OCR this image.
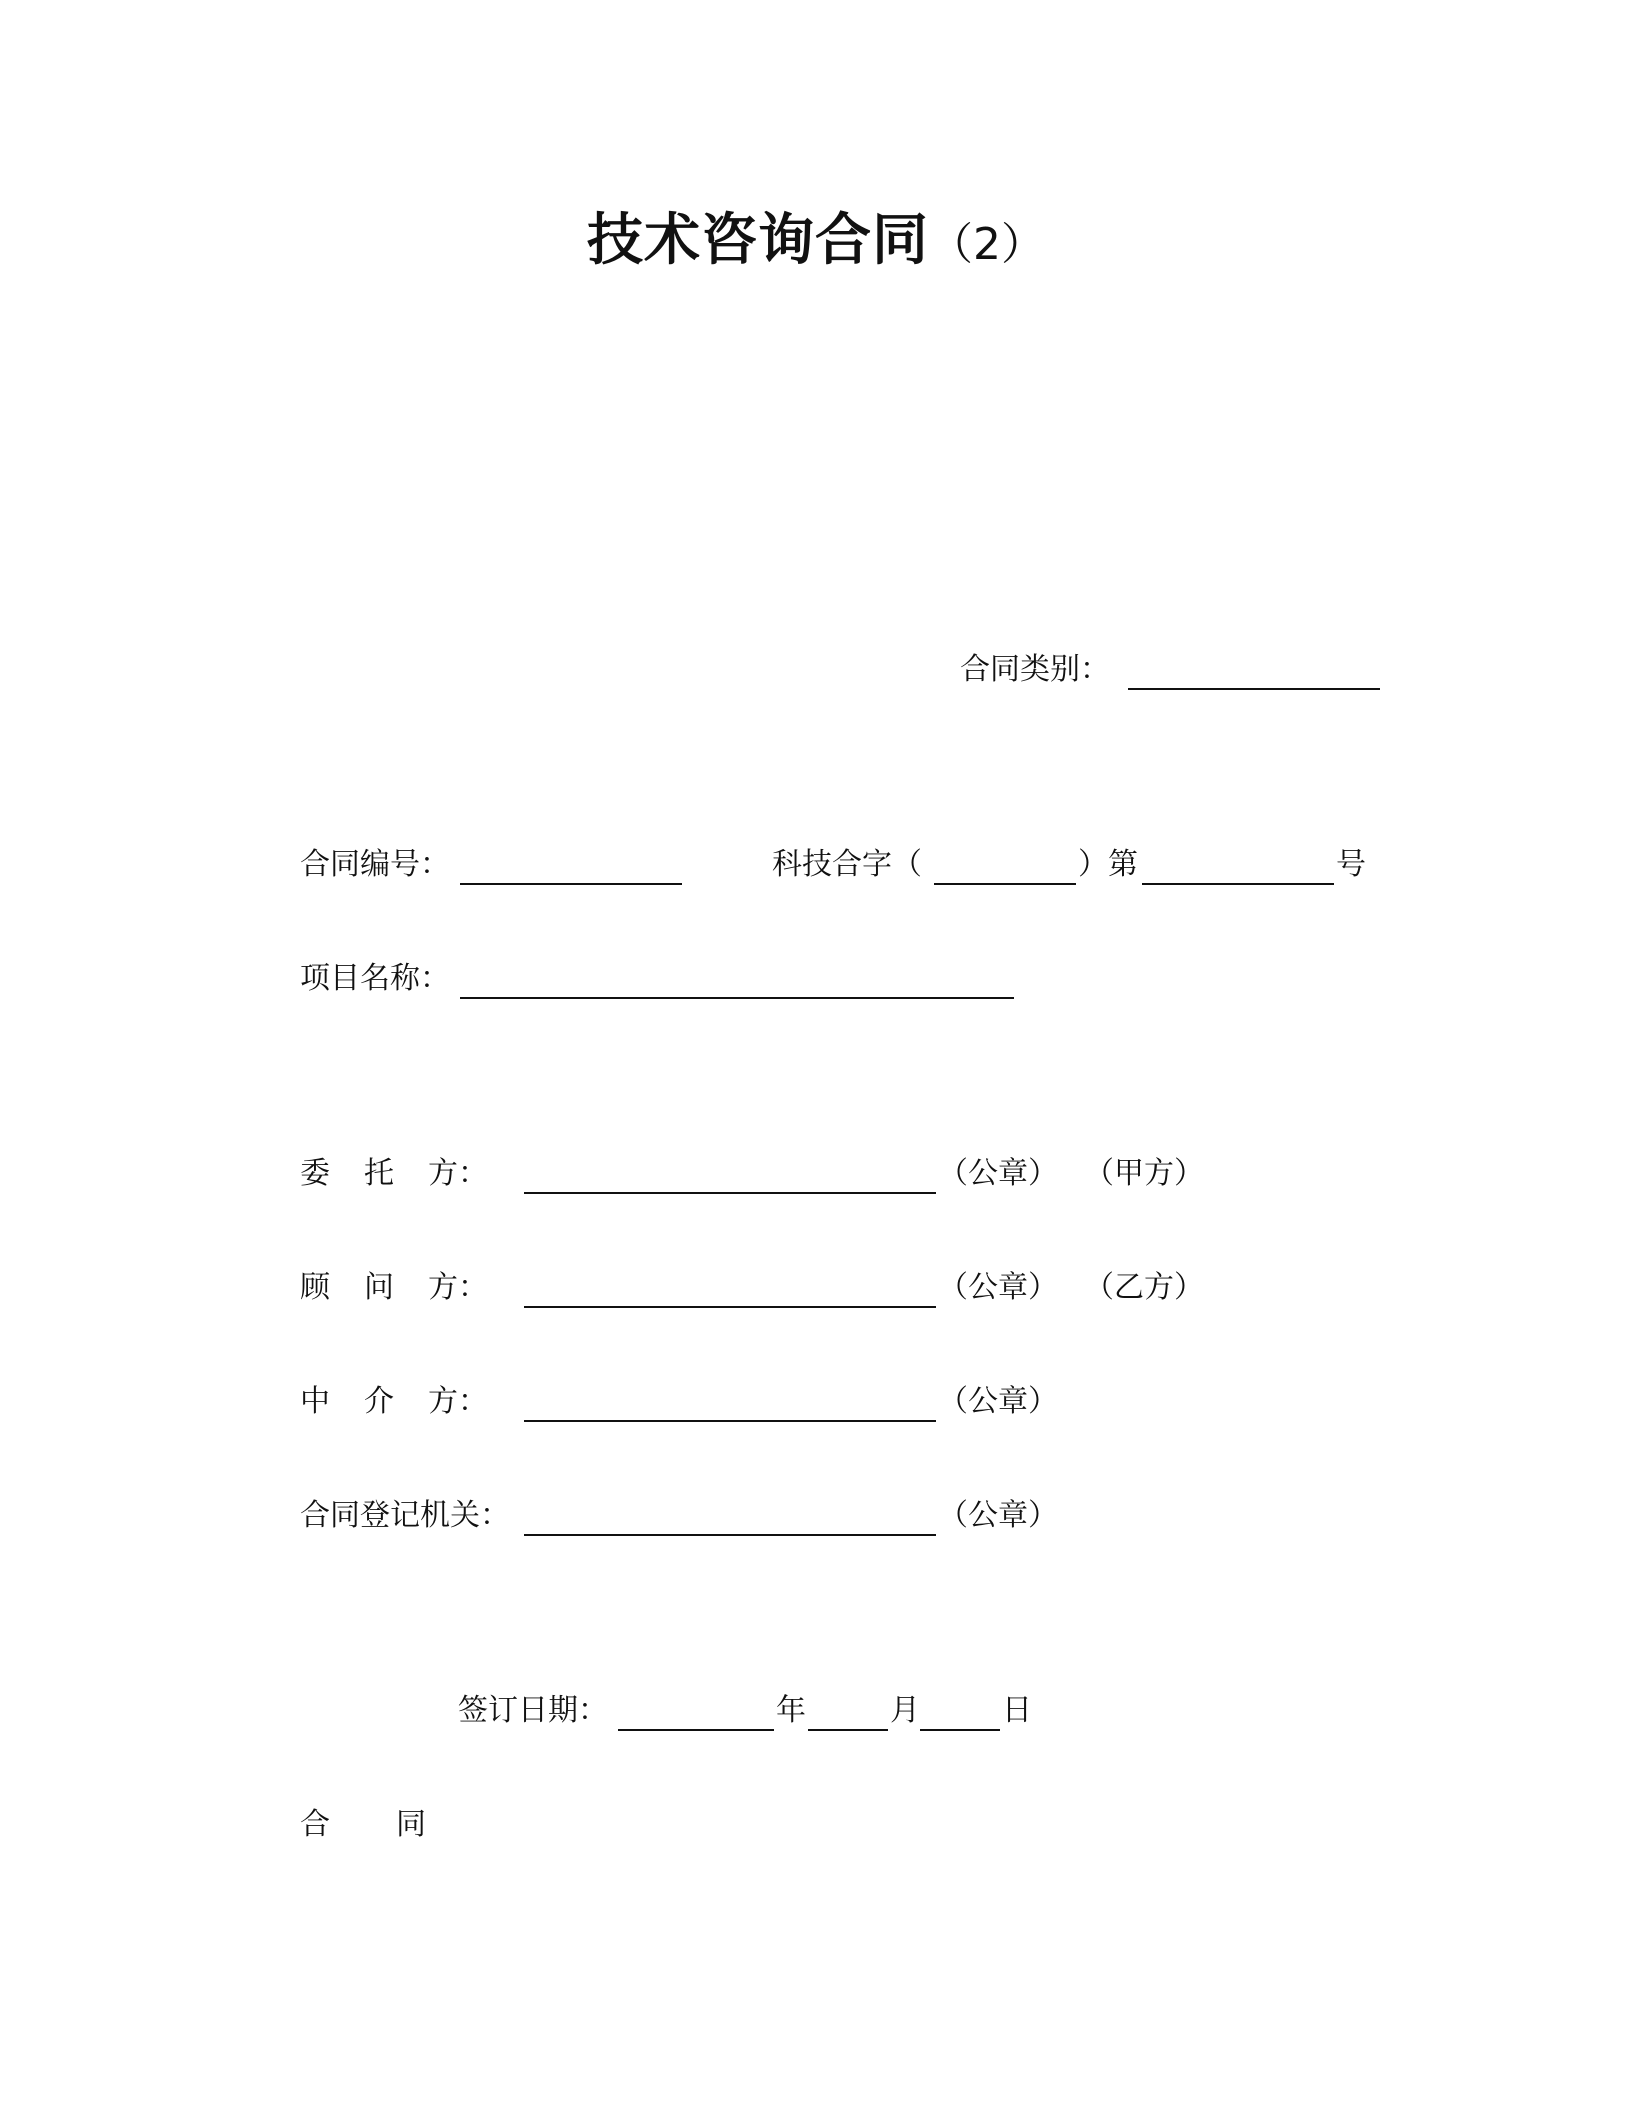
技术咨询合同（2）
合同类别：
合同编号：	科技合字（	）第	号
项目名称：
委 托 方：	（公章） （甲方）
顾 问 方：	（公章） （乙方）
中 介 方：	（公章）
合同登记机关：	（公章）
签订日期：	年	月	日
合 同
